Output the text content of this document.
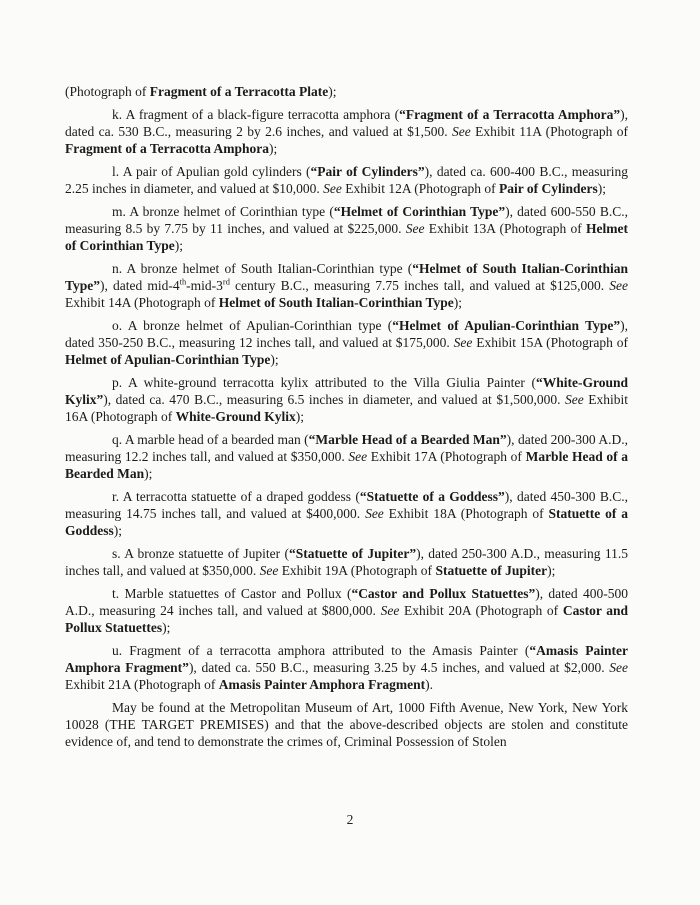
(Photograph of Fragment of a Terracotta Plate);

k. A fragment of a black-figure terracotta amphora (“Fragment of a Terracotta Amphora”), dated ca. 530 B.C., measuring 2 by 2.6 inches, and valued at $1,500. See Exhibit 11A (Photograph of Fragment of a Terracotta Amphora);

l. A pair of Apulian gold cylinders (“Pair of Cylinders”), dated ca. 600-400 B.C., measuring 2.25 inches in diameter, and valued at $10,000. See Exhibit 12A (Photograph of Pair of Cylinders);

m. A bronze helmet of Corinthian type (“Helmet of Corinthian Type”), dated 600-550 B.C., measuring 8.5 by 7.75 by 11 inches, and valued at $225,000. See Exhibit 13A (Photograph of Helmet of Corinthian Type);

n. A bronze helmet of South Italian-Corinthian type (“Helmet of South Italian-Corinthian Type”), dated mid-4th-mid-3rd century B.C., measuring 7.75 inches tall, and valued at $125,000. See Exhibit 14A (Photograph of Helmet of South Italian-Corinthian Type);

o. A bronze helmet of Apulian-Corinthian type (“Helmet of Apulian-Corinthian Type”), dated 350-250 B.C., measuring 12 inches tall, and valued at $175,000. See Exhibit 15A (Photograph of Helmet of Apulian-Corinthian Type);

p. A white-ground terracotta kylix attributed to the Villa Giulia Painter (“White-Ground Kylix”), dated ca. 470 B.C., measuring 6.5 inches in diameter, and valued at $1,500,000. See Exhibit 16A (Photograph of White-Ground Kylix);

q. A marble head of a bearded man (“Marble Head of a Bearded Man”), dated 200-300 A.D., measuring 12.2 inches tall, and valued at $350,000. See Exhibit 17A (Photograph of Marble Head of a Bearded Man);

r. A terracotta statuette of a draped goddess (“Statuette of a Goddess”), dated 450-300 B.C., measuring 14.75 inches tall, and valued at $400,000. See Exhibit 18A (Photograph of Statuette of a Goddess);

s. A bronze statuette of Jupiter (“Statuette of Jupiter”), dated 250-300 A.D., measuring 11.5 inches tall, and valued at $350,000. See Exhibit 19A (Photograph of Statuette of Jupiter);

t. Marble statuettes of Castor and Pollux (“Castor and Pollux Statuettes”), dated 400-500 A.D., measuring 24 inches tall, and valued at $800,000. See Exhibit 20A (Photograph of Castor and Pollux Statuettes);

u. Fragment of a terracotta amphora attributed to the Amasis Painter (“Amasis Painter Amphora Fragment”), dated ca. 550 B.C., measuring 3.25 by 4.5 inches, and valued at $2,000. See Exhibit 21A (Photograph of Amasis Painter Amphora Fragment).

May be found at the Metropolitan Museum of Art, 1000 Fifth Avenue, New York, New York 10028 (THE TARGET PREMISES) and that the above-described objects are stolen and constitute evidence of, and tend to demonstrate the crimes of, Criminal Possession of Stolen

2
